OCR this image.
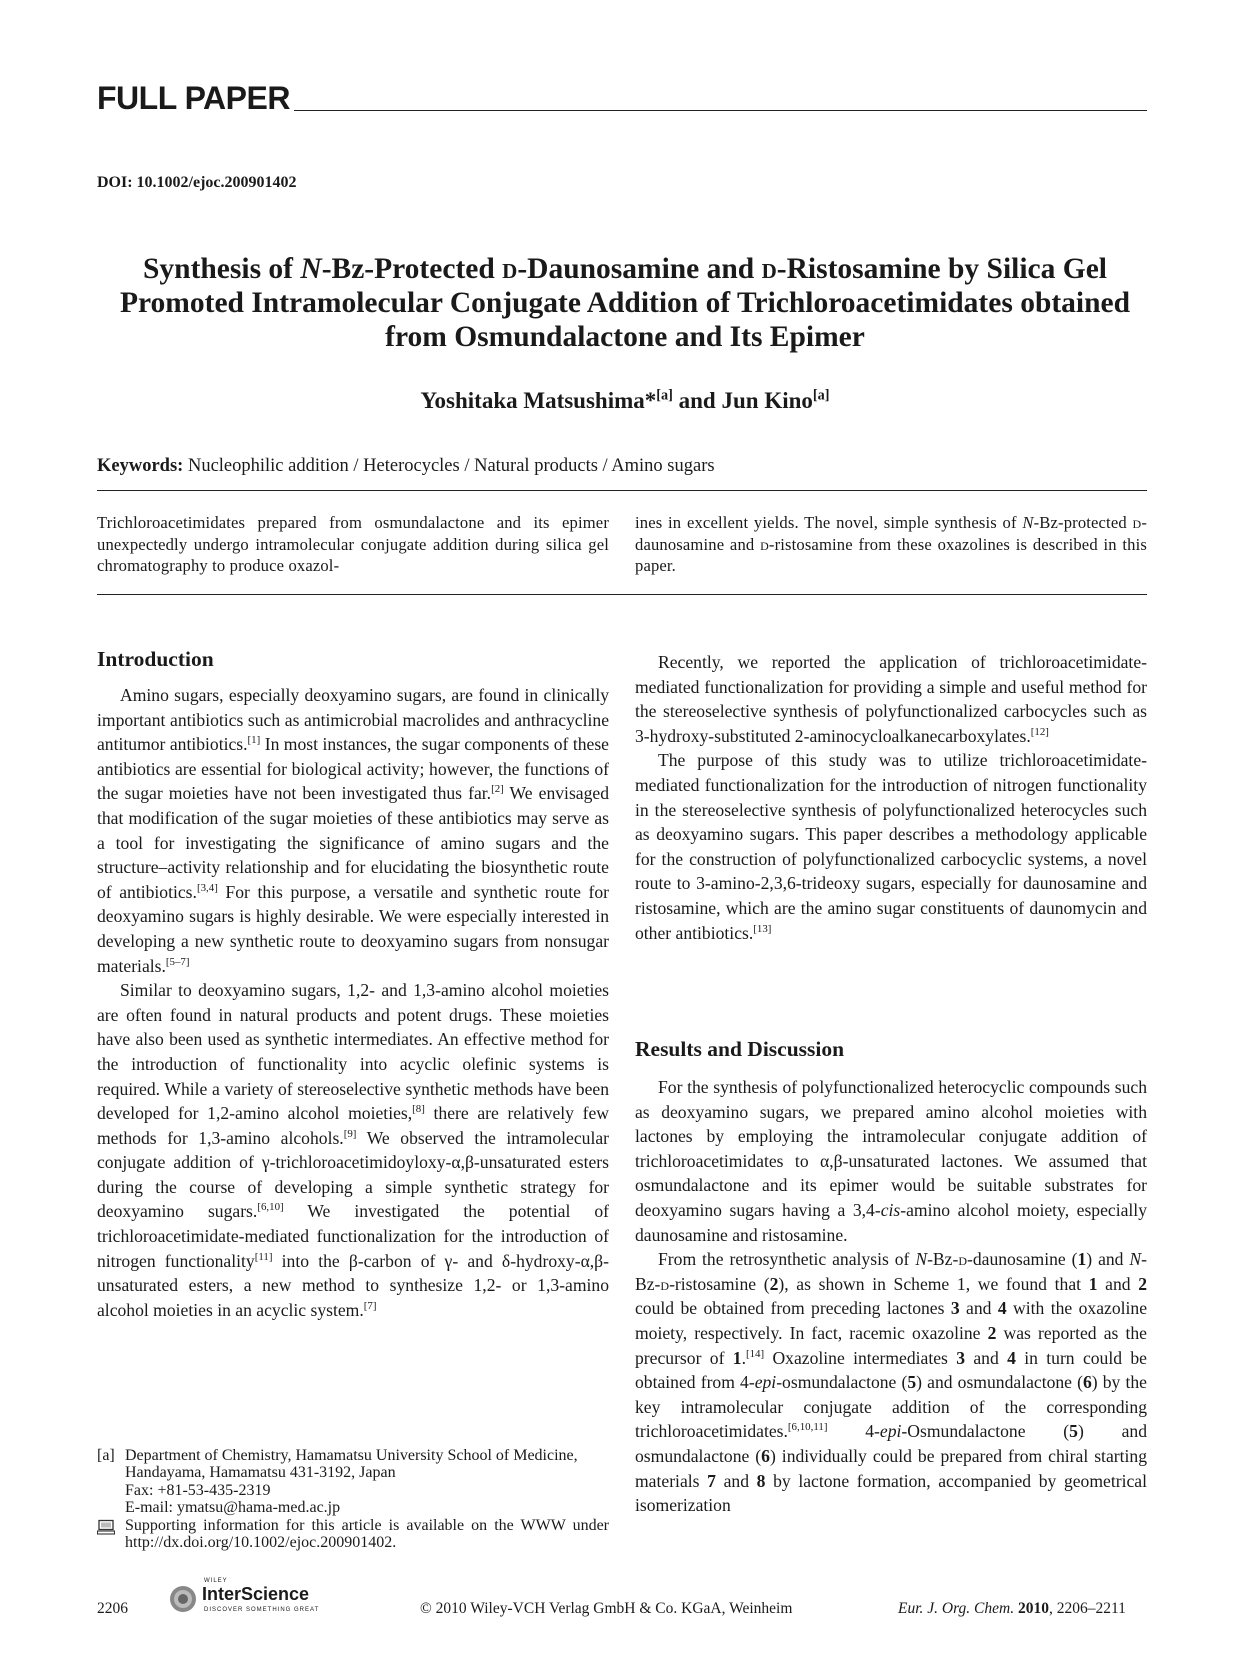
FULL PAPER
DOI: 10.1002/ejoc.200901402
Synthesis of N-Bz-Protected d-Daunosamine and d-Ristosamine by Silica Gel Promoted Intramolecular Conjugate Addition of Trichloroacetimidates obtained from Osmundalactone and Its Epimer
Yoshitaka Matsushima*[a] and Jun Kino[a]
Keywords: Nucleophilic addition / Heterocycles / Natural products / Amino sugars
Trichloroacetimidates prepared from osmundalactone and its epimer unexpectedly undergo intramolecular conjugate addition during silica gel chromatography to produce oxazol-
ines in excellent yields. The novel, simple synthesis of N-Bz-protected d-daunosamine and d-ristosamine from these oxazolines is described in this paper.
Introduction

Amino sugars, especially deoxyamino sugars, are found in clinically important antibiotics such as antimicrobial macrolides and anthracycline antitumor antibiotics.[1] In most instances, the sugar components of these antibiotics are essential for biological activity; however, the functions of the sugar moieties have not been investigated thus far.[2] We envisaged that modification of the sugar moieties of these antibiotics may serve as a tool for investigating the significance of amino sugars and the structure–activity relationship and for elucidating the biosynthetic route of antibiotics.[3,4] For this purpose, a versatile and synthetic route for deoxyamino sugars is highly desirable. We were especially interested in developing a new synthetic route to deoxyamino sugars from nonsugar materials.[5–7]

Similar to deoxyamino sugars, 1,2- and 1,3-amino alcohol moieties are often found in natural products and potent drugs. These moieties have also been used as synthetic intermediates. An effective method for the introduction of functionality into acyclic olefinic systems is required. While a variety of stereoselective synthetic methods have been developed for 1,2-amino alcohol moieties,[8] there are relatively few methods for 1,3-amino alcohols.[9] We observed the intramolecular conjugate addition of γ-trichloroacetimidoyloxy-α,β-unsaturated esters during the course of developing a simple synthetic strategy for deoxyamino sugars.[6,10] We investigated the potential of trichloroacetimidate-mediated functionalization for the introduction of nitrogen functionality[11] into the β-carbon of γ- and δ-hydroxy-α,β-unsaturated esters, a new method to synthesize 1,2- or 1,3-amino alcohol moieties in an acyclic system.[7]

[a] Department of Chemistry, Hamamatsu University School of Medicine,
Handayama, Hamamatsu 431-3192, Japan
Fax: +81-53-435-2319
E-mail: ymatsu@hama-med.ac.jp
Supporting information for this article is available on the WWW under http://dx.doi.org/10.1002/ejoc.200901402.

Recently, we reported the application of trichloroacetimidate-mediated functionalization for providing a simple and useful method for the stereoselective synthesis of polyfunctionalized carbocycles such as 3-hydroxy-substituted 2-aminocycloalkanecarboxylates.[12]

The purpose of this study was to utilize trichloroacetimidate-mediated functionalization for the introduction of nitrogen functionality in the stereoselective synthesis of polyfunctionalized heterocycles such as deoxyamino sugars. This paper describes a methodology applicable for the construction of polyfunctionalized carbocyclic systems, a novel route to 3-amino-2,3,6-trideoxy sugars, especially for daunosamine and ristosamine, which are the amino sugar constituents of daunomycin and other antibiotics.[13]

Results and Discussion

For the synthesis of polyfunctionalized heterocyclic compounds such as deoxyamino sugars, we prepared amino alcohol moieties with lactones by employing the intramolecular conjugate addition of trichloroacetimidates to α,β-unsaturated lactones. We assumed that osmundalactone and its epimer would be suitable substrates for deoxyamino sugars having a 3,4-cis-amino alcohol moiety, especially daunosamine and ristosamine.

From the retrosynthetic analysis of N-Bz-d-daunosamine (1) and N-Bz-d-ristosamine (2), as shown in Scheme 1, we found that 1 and 2 could be obtained from preceding lactones 3 and 4 with the oxazoline moiety, respectively. In fact, racemic oxazoline 2 was reported as the precursor of 1.[14] Oxazoline intermediates 3 and 4 in turn could be obtained from 4-epi-osmundalactone (5) and osmundalactone (6) by the key intramolecular conjugate addition of the corresponding trichloroacetimidates.[6,10,11] 4-epi-Osmundalactone (5) and osmundalactone (6) individually could be prepared from chiral starting materials 7 and 8 by lactone formation, accompanied by geometrical isomerization

2206
WILEY
InterScience
DISCOVER SOMETHING GREAT	© 2010 Wiley-VCH Verlag GmbH & Co. KGaA, Weinheim	Eur. J. Org. Chem. 2010, 2206–2211
